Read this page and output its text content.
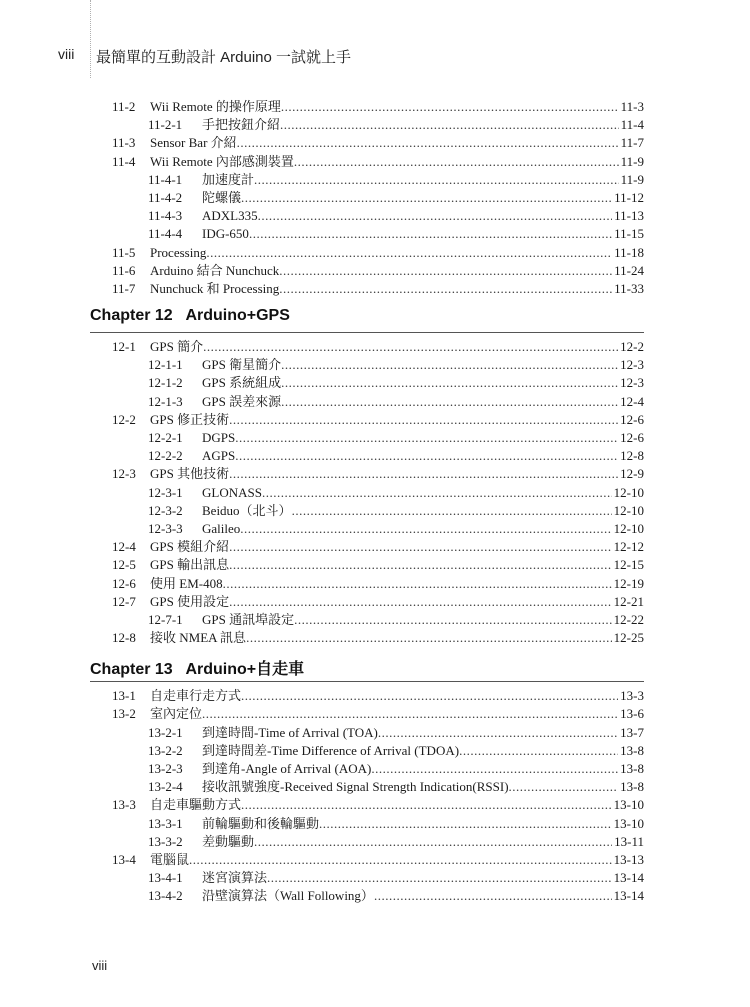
viii 最簡單的互動設計 Arduino 一試就上手
11-2 Wii Remote 的操作原理 .....	11-3
11-2-1 手把按鈕介紹 .....	11-4
11-3 Sensor Bar 介紹 .....	11-7
11-4 Wii Remote 內部感測裝置 .....	11-9
11-4-1 加速度計 .....	11-9
11-4-2 陀螺儀 .....	11-12
11-4-3 ADXL335 .....	11-13
11-4-4 IDG-650 .....	11-15
11-5 Processing .....	11-18
11-6 Arduino 結合 Nunchuck .....	11-24
11-7 Nunchuck 和 Processing .....	11-33
Chapter 12   Arduino+GPS
12-1 GPS 簡介 .....	12-2
12-1-1 GPS 衛星簡介 .....	12-3
12-1-2 GPS 系統組成 .....	12-3
12-1-3 GPS 誤差來源 .....	12-4
12-2 GPS 修正技術 .....	12-6
12-2-1 DGPS .....	12-6
12-2-2 AGPS .....	12-8
12-3 GPS 其他技術 .....	12-9
12-3-1 GLONASS .....	12-10
12-3-2 Beiduo（北斗） .....	12-10
12-3-3 Galileo .....	12-10
12-4 GPS 模組介紹 .....	12-12
12-5 GPS 輸出訊息 .....	12-15
12-6 使用 EM-408 .....	12-19
12-7 GPS 使用設定 .....	12-21
12-7-1 GPS 通訊埠設定 .....	12-22
12-8 接收 NMEA 訊息 .....	12-25
Chapter 13   Arduino+自走車
13-1 自走車行走方式 .....	13-3
13-2 室內定位 .....	13-6
13-2-1 到達時間-Time of Arrival (TOA) .....	13-7
13-2-2 到達時間差-Time Difference of Arrival (TDOA) .....	13-8
13-2-3 到達角-Angle of Arrival (AOA) .....	13-8
13-2-4 接收訊號強度-Received Signal Strength Indication(RSSI) .....	13-8
13-3 自走車驅動方式 .....	13-10
13-3-1 前輪驅動和後輪驅動 .....	13-10
13-3-2 差動驅動 .....	13-11
13-4 電腦鼠 .....	13-13
13-4-1 迷宮演算法 .....	13-14
13-4-2 沿壁演算法（Wall Following） .....	13-14
viii
